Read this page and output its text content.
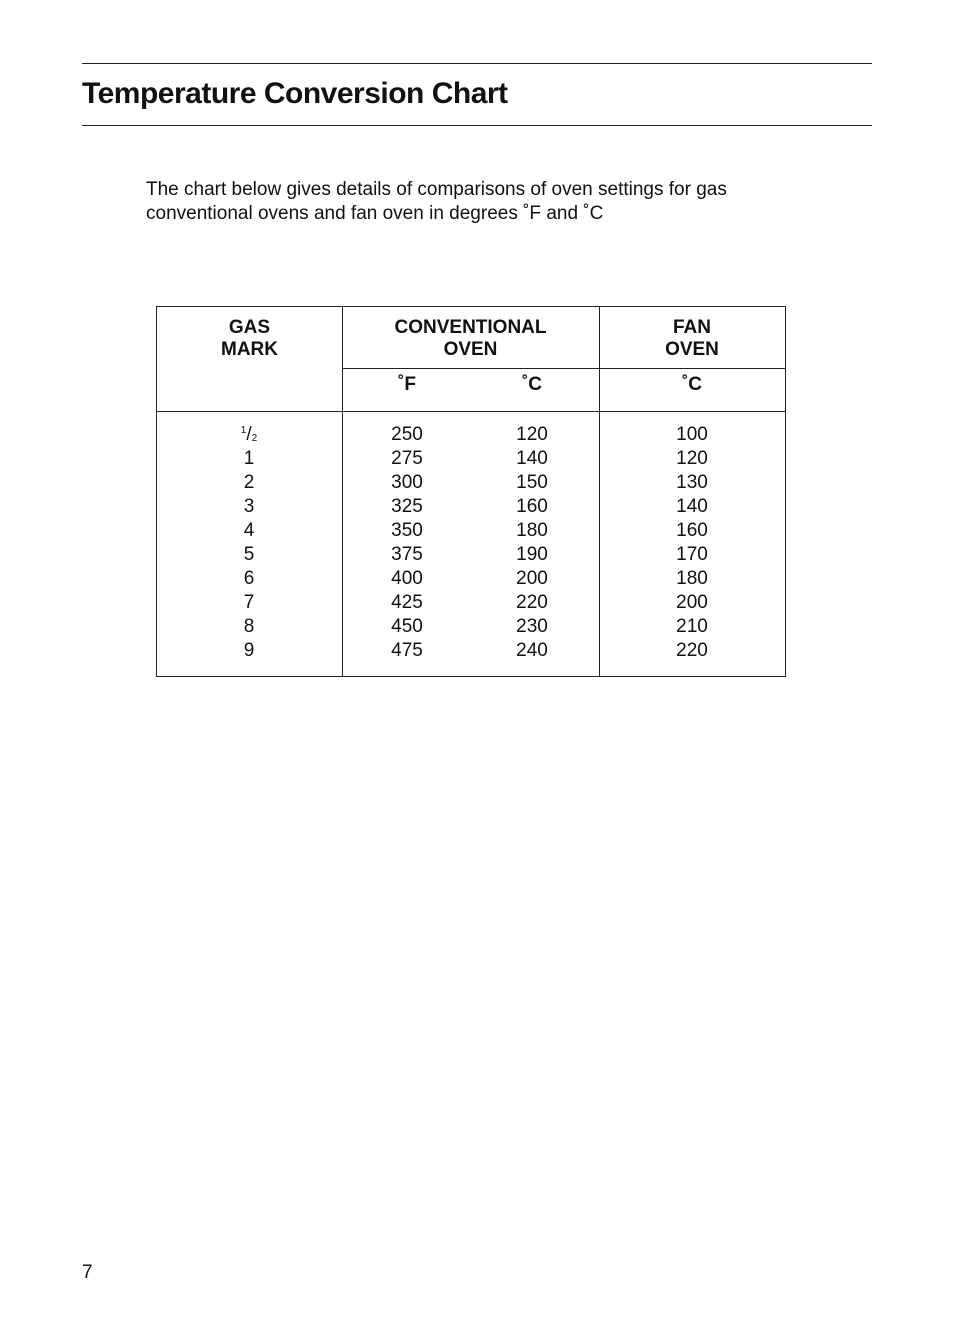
Temperature Conversion Chart

The chart below gives details of comparisons of oven settings for gas
conventional ovens and fan oven in degrees ˚F and ˚C

GAS
MARK
CONVENTIONAL
OVEN
FAN
OVEN
˚F	˚C	˚C
$^1/_2$
1
2
3
4
5
6
7
8
9
250
275
300
325
350
375
400
425
450
475
120
140
150
160
180
190
200
220
230
240
100
120
130
140
160
170
180
200
210
220
7
